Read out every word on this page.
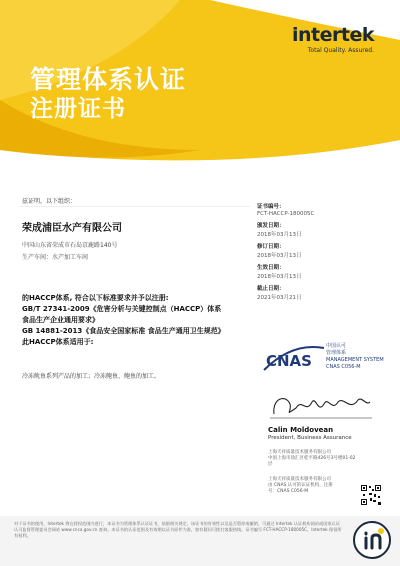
intertek
Total Quality. Assured.
管理体系认证
注册证书
兹证明，以下组织：
荣成浦臣水产有限公司
中国山东省荣成市石岛京鹿路140号
生产车间：水产加工车间
的HACCP体系, 符合以下标准要求并予以注册:
GB/T 27341-2009《危害分析与关键控制点（HACCP）体系
食品生产企业通用要求》
GB 14881-2013《食品安全国家标准 食品生产通用卫生规范》
此HACCP体系适用于:
冷冻鱿鱼系列产品的加工；冷冻鲍鱼、鲍鱼的加工。
证书编号：
FCT-HACCP-180005C
颁发日期：
2018年03月13日
修订日期：
2018年03月13日
生效日期：
2018年03月13日
截止日期：
2021年03月21日
CNAS
中国认可
管理体系
MANAGEMENT SYSTEM
CNAS C056-M
Calin Moldovean
President, Business Assurance
上海天祥质量技术服务有限公司
中国上海市徐汇区桂平路426号3号楼01-02层
上海天祥质量技术服务有限公司
由 CNAS 认可的认证机构，注册
号：CNAS C056-M
对于证书的使用，Intertek 将在授权范围内进行，本证书为管理体系认证证书，依据相关规定。该证书的有效性以及是否暂停或撤销，可通过 Intertek 认证机构网站或国家认证认可监督管理委员会网站 www.cnca.gov.cn 查询。本证书的认证范围及有效期以证书原件为准，如有疑问可拨打客服热线。证书编号 FCT-HACCP-180005C，Intertek 保留所有权利。
